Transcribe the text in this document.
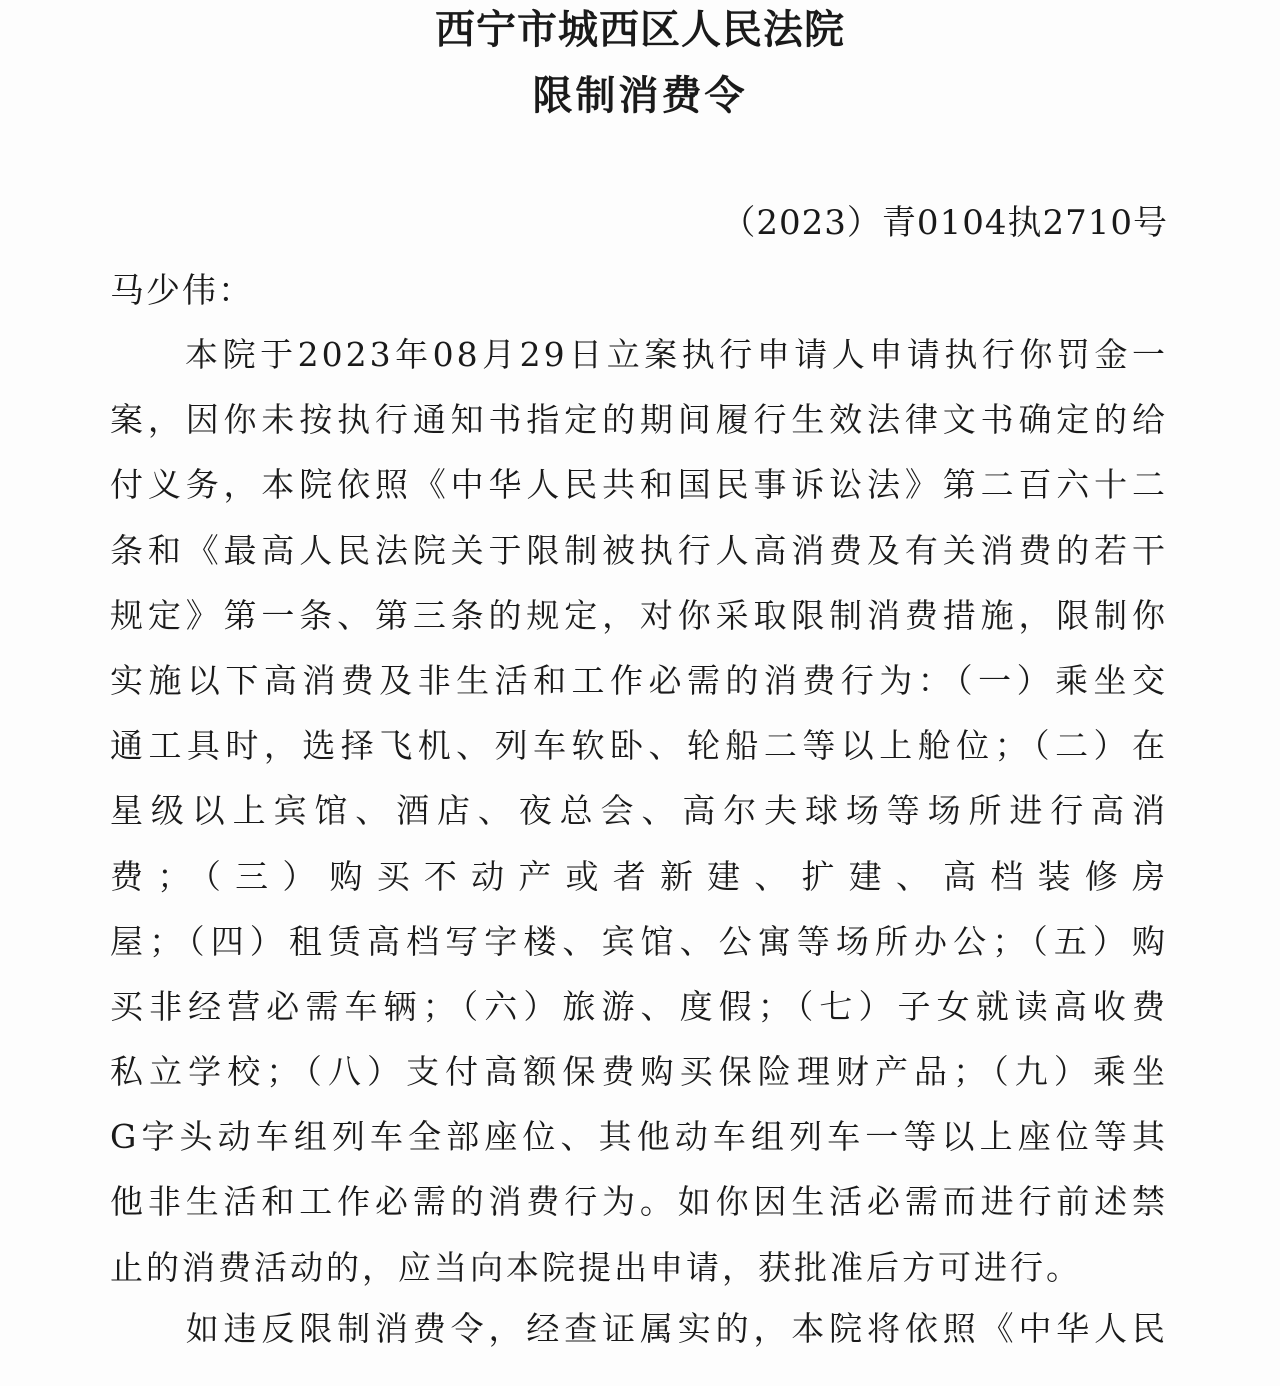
西宁市城西区人民法院
限制消费令
（2023）青0104执2710号
马少伟：
　　本院于2023年08月29日立案执行申请人申请执行你罚金一
案，因你未按执行通知书指定的期间履行生效法律文书确定的给
付义务，本院依照《中华人民共和国民事诉讼法》第二百六十二
条和《最高人民法院关于限制被执行人高消费及有关消费的若干
规定》第一条、第三条的规定，对你采取限制消费措施，限制你
实施以下高消费及非生活和工作必需的消费行为：（一）乘坐交
通工具时，选择飞机、列车软卧、轮船二等以上舱位；（二）在
星级以上宾馆、酒店、夜总会、高尔夫球场等场所进行高消
费；（三）购买不动产或者新建、扩建、高档装修房
屋；（四）租赁高档写字楼、宾馆、公寓等场所办公；（五）购
买非经营必需车辆；（六）旅游、度假；（七）子女就读高收费
私立学校；（八）支付高额保费购买保险理财产品；（九）乘坐
G字头动车组列车全部座位、其他动车组列车一等以上座位等其
他非生活和工作必需的消费行为。如你因生活必需而进行前述禁
止的消费活动的，应当向本院提出申请，获批准后方可进行。
　　如违反限制消费令，经查证属实的，本院将依照《中华人民
